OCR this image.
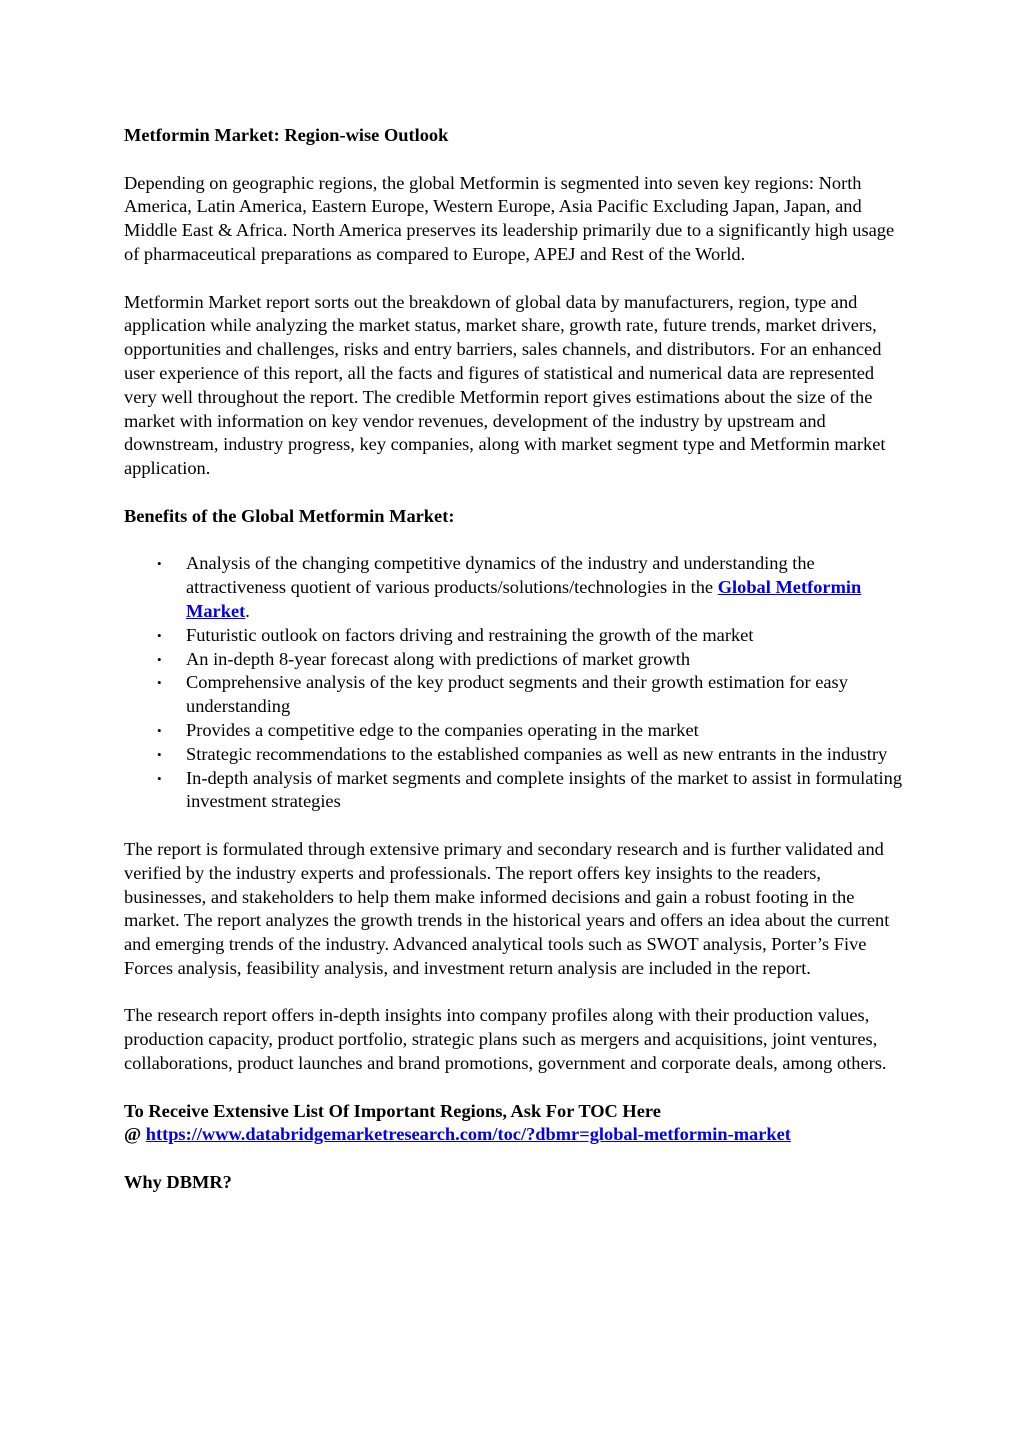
Metformin Market: Region-wise Outlook

Depending on geographic regions, the global Metformin is segmented into seven key regions: North America, Latin America, Eastern Europe, Western Europe, Asia Pacific Excluding Japan, Japan, and Middle East & Africa. North America preserves its leadership primarily due to a significantly high usage of pharmaceutical preparations as compared to Europe, APEJ and Rest of the World.

Metformin Market report sorts out the breakdown of global data by manufacturers, region, type and application while analyzing the market status, market share, growth rate, future trends, market drivers, opportunities and challenges, risks and entry barriers, sales channels, and distributors. For an enhanced user experience of this report, all the facts and figures of statistical and numerical data are represented very well throughout the report. The credible Metformin report gives estimations about the size of the market with information on key vendor revenues, development of the industry by upstream and downstream, industry progress, key companies, along with market segment type and Metformin market application.

Benefits of the Global Metformin Market:

• Analysis of the changing competitive dynamics of the industry and understanding the attractiveness quotient of various products/solutions/technologies in the Global Metformin Market.
• Futuristic outlook on factors driving and restraining the growth of the market
• An in-depth 8-year forecast along with predictions of market growth
• Comprehensive analysis of the key product segments and their growth estimation for easy understanding
• Provides a competitive edge to the companies operating in the market
• Strategic recommendations to the established companies as well as new entrants in the industry
• In-depth analysis of market segments and complete insights of the market to assist in formulating investment strategies

The report is formulated through extensive primary and secondary research and is further validated and verified by the industry experts and professionals. The report offers key insights to the readers, businesses, and stakeholders to help them make informed decisions and gain a robust footing in the market. The report analyzes the growth trends in the historical years and offers an idea about the current and emerging trends of the industry. Advanced analytical tools such as SWOT analysis, Porter’s Five Forces analysis, feasibility analysis, and investment return analysis are included in the report.

The research report offers in-depth insights into company profiles along with their production values, production capacity, product portfolio, strategic plans such as mergers and acquisitions, joint ventures, collaborations, product launches and brand promotions, government and corporate deals, among others.

To Receive Extensive List Of Important Regions, Ask For TOC Here

@ https://www.databridgemarketresearch.com/toc/?dbmr=global-metformin-market

Why DBMR?
